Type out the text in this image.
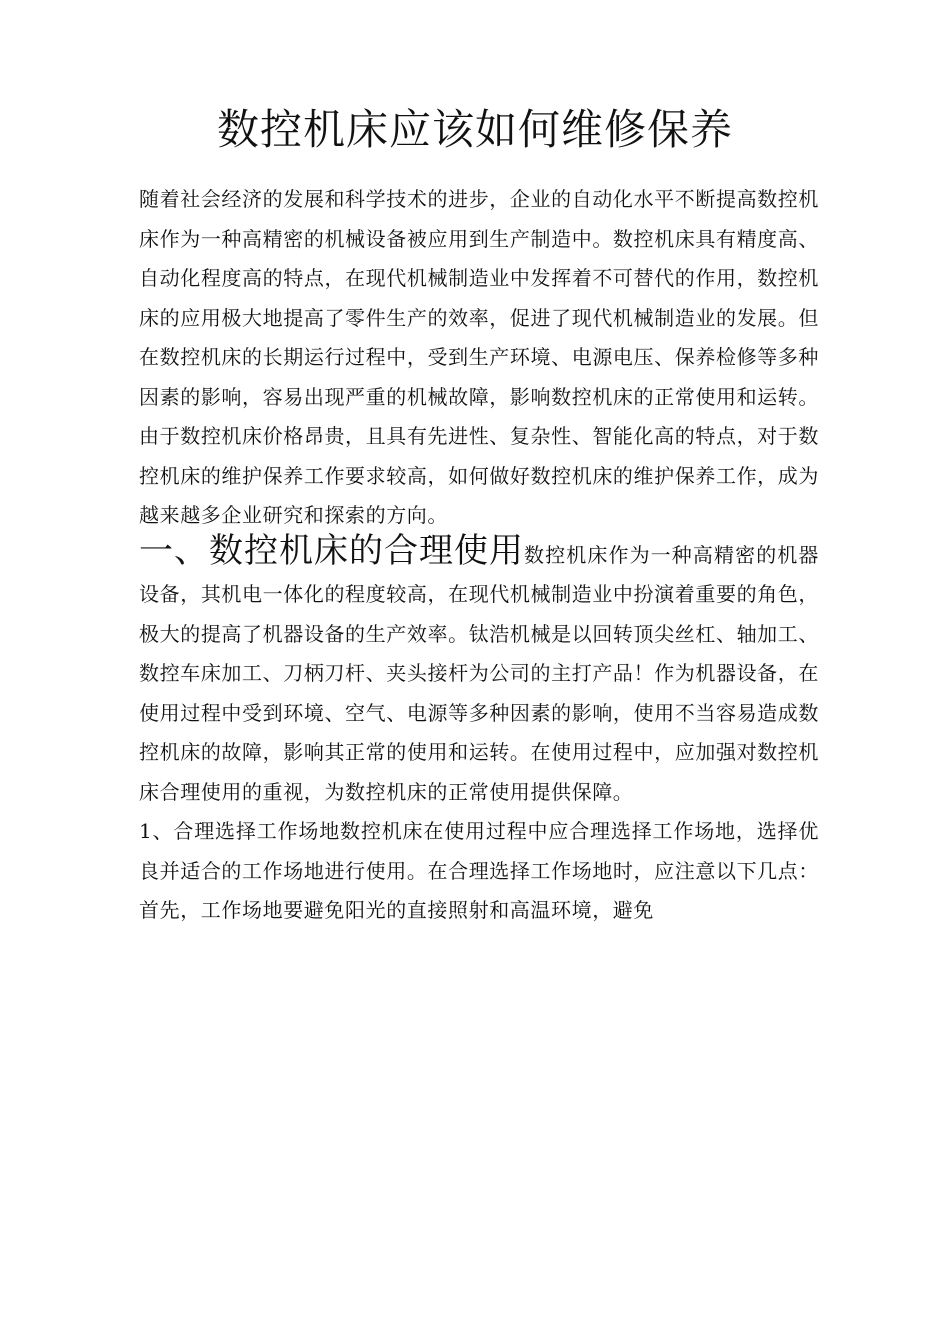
数控机床应该如何维修保养

随着社会经济的发展和科学技术的进步，企业的自动化水平不断提高数控机床作为一种高精密的机械设备被应用到生产制造中。数控机床具有精度高、自动化程度高的特点，在现代机械制造业中发挥着不可替代的作用，数控机床的应用极大地提高了零件生产的效率，促进了现代机械制造业的发展。但在数控机床的长期运行过程中，受到生产环境、电源电压、保养检修等多种因素的影响，容易出现严重的机械故障，影响数控机床的正常使用和运转。由于数控机床价格昂贵，且具有先进性、复杂性、智能化高的特点，对于数控机床的维护保养工作要求较高，如何做好数控机床的维护保养工作，成为越来越多企业研究和探索的方向。

一、数控机床的合理使用数控机床作为一种高精密的机器设备，其机电一体化的程度较高，在现代机械制造业中扮演着重要的角色，极大的提高了机器设备的生产效率。钛浩机械是以回转顶尖丝杠、轴加工、数控车床加工、刀柄刀杆、夹头接杆为公司的主打产品！作为机器设备，在使用过程中受到环境、空气、电源等多种因素的影响，使用不当容易造成数控机床的故障，影响其正常的使用和运转。在使用过程中，应加强对数控机床合理使用的重视，为数控机床的正常使用提供保障。

1、合理选择工作场地数控机床在使用过程中应合理选择工作场地，选择优良并适合的工作场地进行使用。在合理选择工作场地时，应注意以下几点：首先，工作场地要避免阳光的直接照射和高温环境，避免
